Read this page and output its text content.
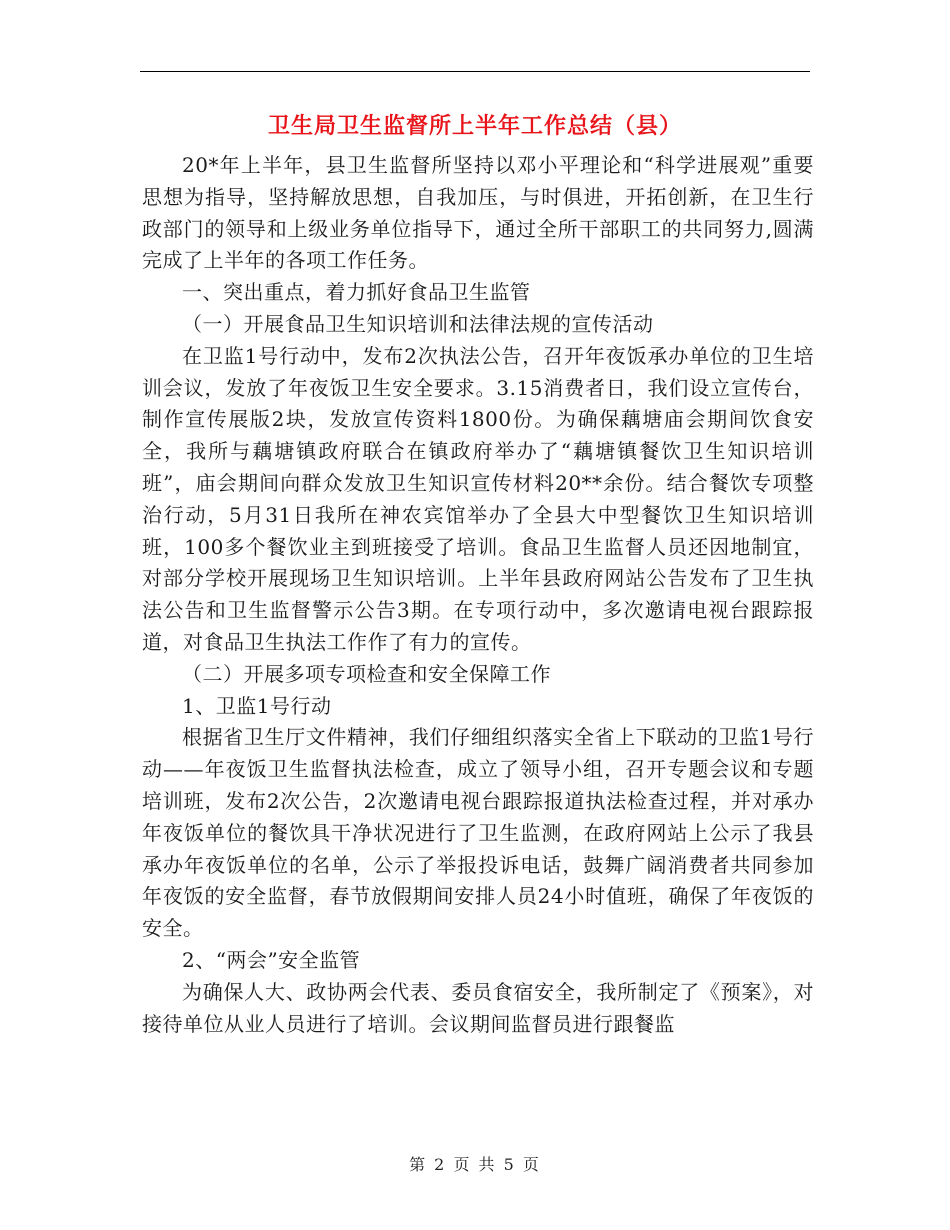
卫生局卫生监督所上半年工作总结（县）

20*年上半年，县卫生监督所坚持以邓小平理论和“科学进展观”重要思想为指导，坚持解放思想，自我加压，与时俱进，开拓创新，在卫生行政部门的领导和上级业务单位指导下，通过全所干部职工的共同努力,圆满完成了上半年的各项工作任务。

一、突出重点，着力抓好食品卫生监管

（一）开展食品卫生知识培训和法律法规的宣传活动

在卫监1号行动中，发布2次执法公告，召开年夜饭承办单位的卫生培训会议，发放了年夜饭卫生安全要求。3.15消费者日，我们设立宣传台，制作宣传展版2块，发放宣传资料1800份。为确保藕塘庙会期间饮食安全，我所与藕塘镇政府联合在镇政府举办了“藕塘镇餐饮卫生知识培训班”，庙会期间向群众发放卫生知识宣传材料20**余份。结合餐饮专项整治行动，5月31日我所在神农宾馆举办了全县大中型餐饮卫生知识培训班，100多个餐饮业主到班接受了培训。食品卫生监督人员还因地制宜，对部分学校开展现场卫生知识培训。上半年县政府网站公告发布了卫生执法公告和卫生监督警示公告3期。在专项行动中，多次邀请电视台跟踪报道，对食品卫生执法工作作了有力的宣传。

（二）开展多项专项检查和安全保障工作

1、卫监1号行动

根据省卫生厅文件精神，我们仔细组织落实全省上下联动的卫监1号行动——年夜饭卫生监督执法检查，成立了领导小组，召开专题会议和专题培训班，发布2次公告，2次邀请电视台跟踪报道执法检查过程，并对承办年夜饭单位的餐饮具干净状况进行了卫生监测，在政府网站上公示了我县承办年夜饭单位的名单，公示了举报投诉电话，鼓舞广阔消费者共同参加年夜饭的安全监督，春节放假期间安排人员24小时值班，确保了年夜饭的安全。

2、“两会”安全监管

为确保人大、政协两会代表、委员食宿安全，我所制定了《预案》，对接待单位从业人员进行了培训。会议期间监督员进行跟餐监

第 2 页 共 5 页
